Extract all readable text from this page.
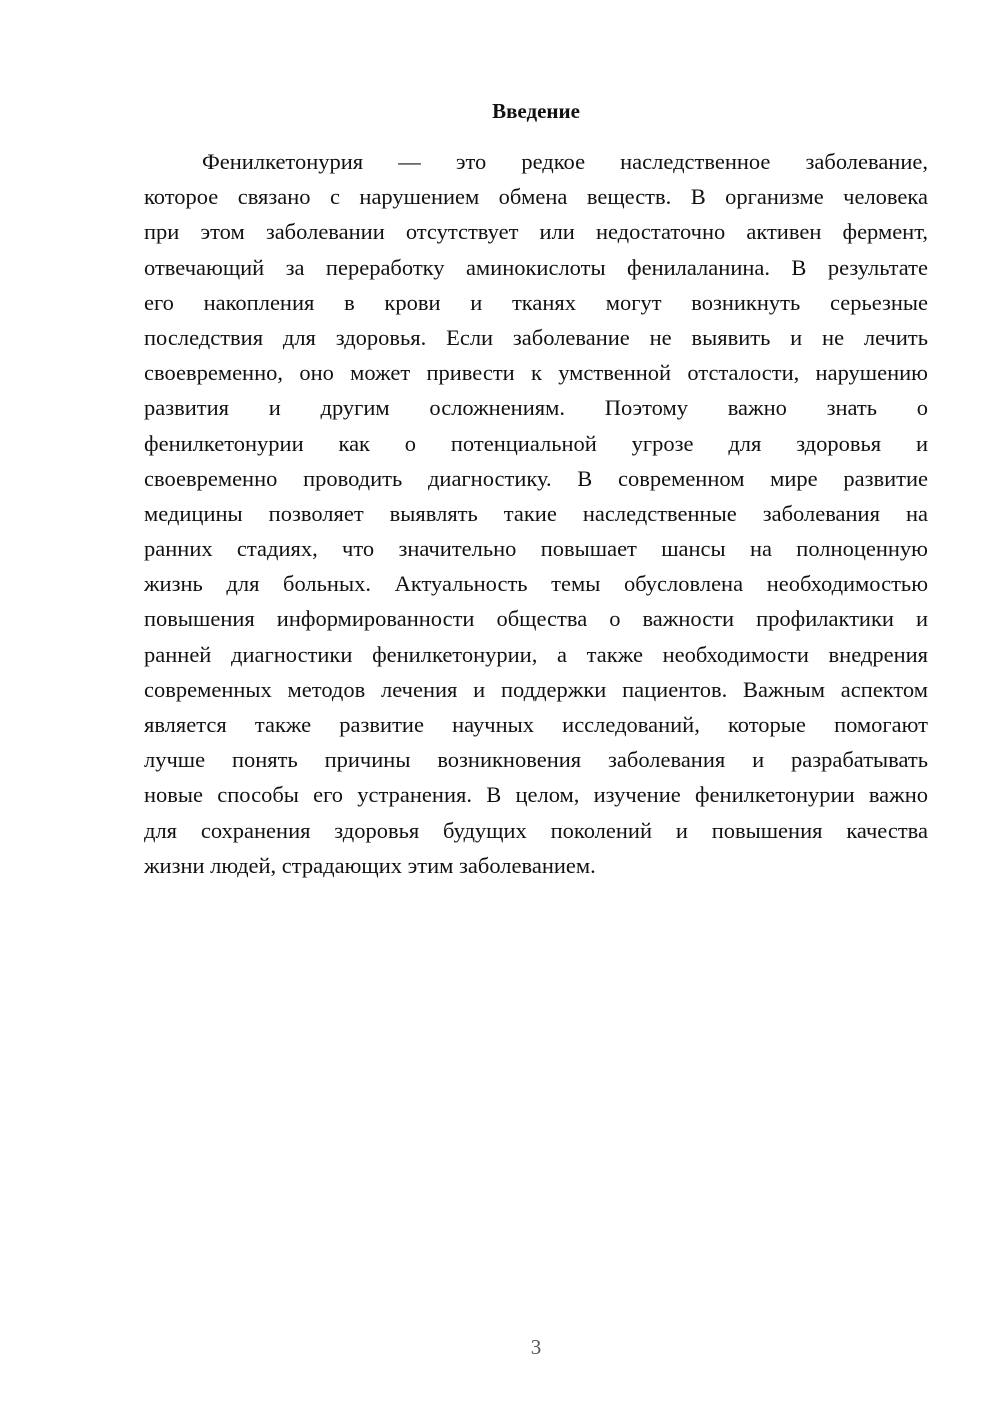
Введение
Фенилкетонурия — это редкое наследственное заболевание,
которое связано с нарушением обмена веществ. В организме человека
при этом заболевании отсутствует или недостаточно активен фермент,
отвечающий за переработку аминокислоты фенилаланина. В результате
его накопления в крови и тканях могут возникнуть серьезные
последствия для здоровья. Если заболевание не выявить и не лечить
своевременно, оно может привести к умственной отсталости, нарушению
развития и другим осложнениям. Поэтому важно знать о
фенилкетонурии как о потенциальной угрозе для здоровья и
своевременно проводить диагностику. В современном мире развитие
медицины позволяет выявлять такие наследственные заболевания на
ранних стадиях, что значительно повышает шансы на полноценную
жизнь для больных. Актуальность темы обусловлена необходимостью
повышения информированности общества о важности профилактики и
ранней диагностики фенилкетонурии, а также необходимости внедрения
современных методов лечения и поддержки пациентов. Важным аспектом
является также развитие научных исследований, которые помогают
лучше понять причины возникновения заболевания и разрабатывать
новые способы его устранения. В целом, изучение фенилкетонурии важно
для сохранения здоровья будущих поколений и повышения качества
жизни людей, страдающих этим заболеванием.
3
